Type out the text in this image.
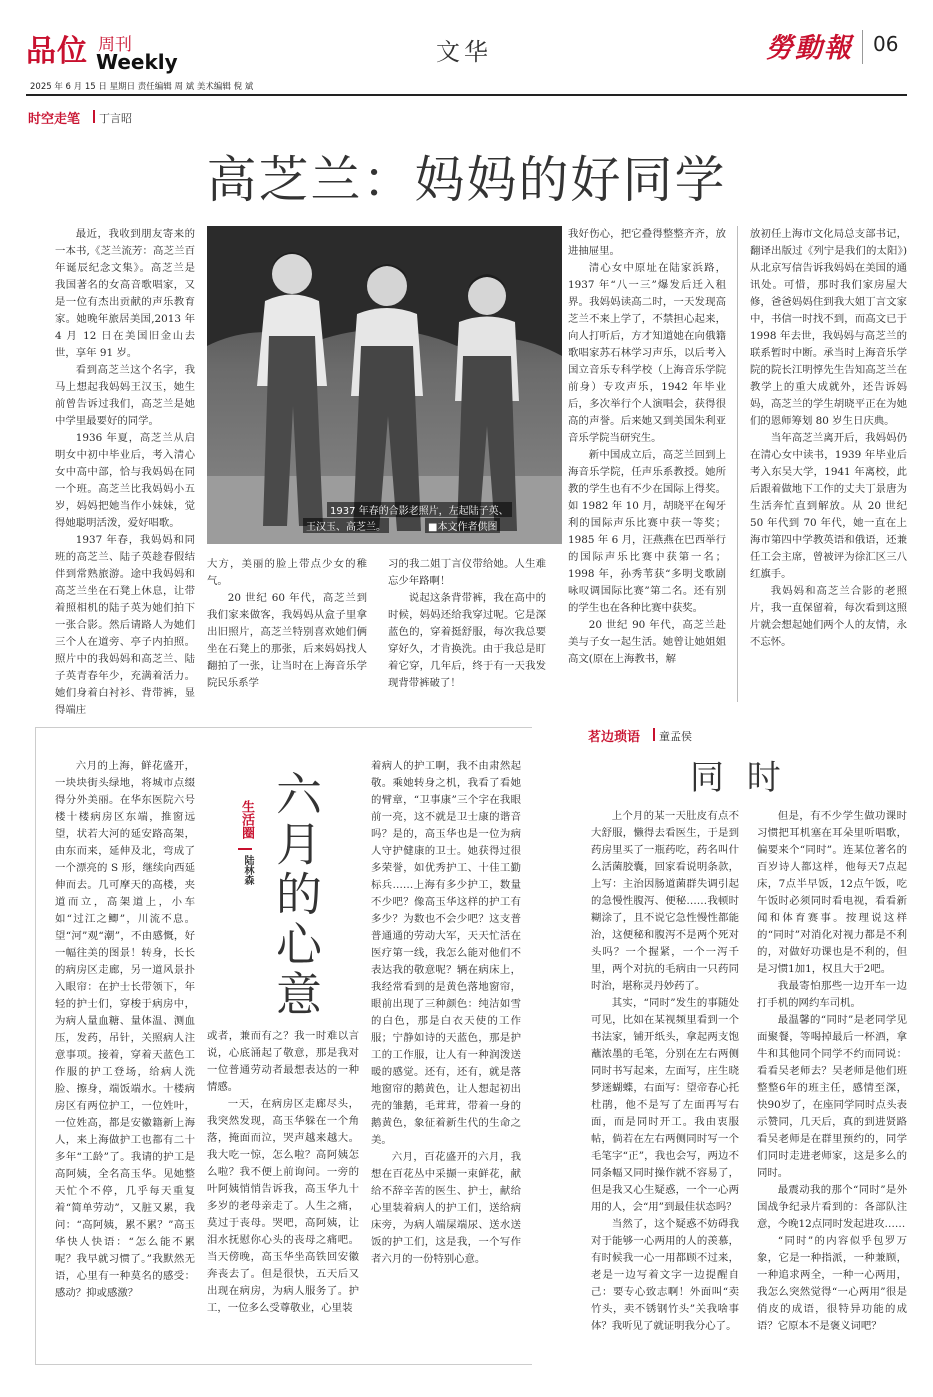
品位 周刊
Weekly	文华	勞動報 06
2025 年 6 月 15 日 星期日 责任编辑 周 斌 美术编辑 倪 斌
时空走笔 丁言昭
高芝兰：妈妈的好同学
1937 年春的合影老照片，左起陆子英、
王汉玉、高芝兰。	■本文作者供图

最近，我收到朋友寄来的一本书,《芝兰流芳：高芝兰百年诞辰纪念文集》。高芝兰是我国著名的女高音歌唱家，又是一位有杰出贡献的声乐教育家。她晚年旅居美国,2013 年 4 月 12 日在美国旧金山去世，享年 91 岁。

看到高芝兰这个名字，我马上想起我妈妈王汉玉，她生前曾告诉过我们，高芝兰是她中学里最要好的同学。

1936 年夏，高芝兰从启明女中初中毕业后，考入清心女中高中部，恰与我妈妈在同一个班。高芝兰比我妈妈小五岁，妈妈把她当作小妹妹，觉得她聪明活泼，爱好唱歌。

1937 年春，我妈妈和同班的高芝兰、陆子英趁春假结伴到常熟旅游。途中我妈妈和高芝兰坐在石凳上休息，让带着照相机的陆子英为她们拍下一张合影。然后请路人为她们三个人在道旁、亭子内拍照。照片中的我妈妈和高芝兰、陆子英青春年少，充满着活力。她们身着白衬衫、背带裤，显得端庄

大方，美丽的脸上带点少女的稚气。

20 世纪 60 年代，高芝兰到我们家来做客，我妈妈从盒子里拿出旧照片，高芝兰特别喜欢她们俩坐在石凳上的那张，后来妈妈找人翻拍了一张，让当时在上海音乐学院民乐系学

习的我二姐丁言仪带给她。人生难忘少年路啊！

说起这条背带裤，我在高中的时候，妈妈还给我穿过呢。它是深蓝色的，穿着挺舒服，每次我总要穿好久，才肯换洗。由于我总是盯着它穿，几年后，终于有一天我发现背带裤破了！

我好伤心，把它叠得整整齐齐，放进抽屉里。

清心女中原址在陆家浜路，1937 年“八一三”爆发后迁入租界。我妈妈读高二时，一天发现高芝兰不来上学了，不禁担心起来，向人打听后，方才知道她在向俄籍歌唱家苏石林学习声乐，以后考入国立音乐专科学校（上海音乐学院前身）专攻声乐，1942 年毕业后，多次举行个人演唱会，获得很高的声誉。后来她又到美国朱利亚音乐学院当研究生。

新中国成立后，高芝兰回到上海音乐学院，任声乐系教授。她所教的学生也有不少在国际上得奖。如 1982 年 10 月，胡晓平在匈牙利的国际声乐比赛中获一等奖；1985 年 6 月，汪燕燕在巴西举行的国际声乐比赛中获第一名；1998 年，孙秀苇获“多明戈歌剧咏叹调国际比赛”第二名。还有别的学生也在各种比赛中获奖。

20 世纪 90 年代，高芝兰赴美与子女一起生活。她曾让她姐姐高文(原在上海教书，解

放初任上海市文化局总支部书记，翻译出版过《列宁是我们的太阳》)从北京写信告诉我妈妈在美国的通讯处。可惜，那时我们家房屋大修，爸爸妈妈住到我大姐丁言文家中，书信一时找不到，而高文已于 1998 年去世，我妈妈与高芝兰的联系暂时中断。承当时上海音乐学院的院长江明惇先生告知高芝兰在教学上的重大成就外，还告诉妈妈，高芝兰的学生胡晓平正在为她们的恩师筹划 80 岁生日庆典。

当年高芝兰离开后，我妈妈仍在清心女中读书，1939 年毕业后考入东吴大学，1941 年离校，此后跟着做地下工作的丈夫丁景唐为生活奔忙直到解放。从 20 世纪 50 年代到 70 年代，她一直在上海市第四中学教英语和俄语，还兼任工会主席，曾被评为徐汇区三八红旗手。

我妈妈和高芝兰合影的老照片，我一直保留着，每次看到这照片就会想起她们两个人的友情，永不忘怀。

六月的上海，鲜花盛开，一块块街头绿地，将城市点缀得分外美丽。在华东医院六号楼十楼病房区东端，推窗远望，状若大河的延安路高架，由东而来，延伸及北，弯成了一个漂亮的 S 形，继续向西延伸而去。几可摩天的高楼，夹道而立，高架道上，小车如“过江之鲫”，川流不息。望“河”观“潮”，不由感慨，好一幅往美的图景！转身，长长的病房区走廊，另一道风景扑入眼帘：在护士长带领下，年轻的护士们，穿梭于病房中，为病人量血糖、量体温、测血压，发药，吊针，关照病人注意事项。接着，穿着天蓝色工作服的护工登场，给病人洗脸、擦身，端饭端水。十楼病房区有两位护工，一位姓叶，一位姓高，都是安徽籍新上海人，来上海做护工也都有二十多年“工龄”了。我请的护工是高阿姨，全名高玉华。见她整天忙个不停，几乎每天重复着“简单劳动”，又脏又累，我问：“高阿姨，累不累？”高玉华快人快语：“怎么能不累呢？我早就习惯了。”我默然无语，心里有一种莫名的感受：感动？抑或感激？

生活圈
陆林森 六月的心意

或者，兼而有之？我一时难以言说，心底涌起了敬意，那是我对一位普通劳动者最想表达的一种情感。

一天，在病房区走廊尽头，我突然发现，高玉华躲在一个角落，掩面而泣，哭声越来越大。我大吃一惊，怎么啦？高阿姨怎么啦？我不便上前询问。一旁的叶阿姨悄悄告诉我，高玉华九十多岁的老母亲走了。人生之痛，莫过于丧母。哭吧，高阿姨，让泪水抚慰你心头的丧母之痛吧。当天傍晚，高玉华坐高铁回安徽奔丧去了。但是很快，五天后又出现在病房，为病人服务了。护工，一位多么受尊敬业，心里装

着病人的护工啊，我不由肃然起敬。乘她转身之机，我看了看她的臂章，“卫事康”三个字在我眼前一亮，这不就是卫士康的谐音吗？是的，高玉华也是一位为病人守护健康的卫士。她获得过很多荣誉，如优秀护工、十佳工勤标兵……上海有多少护工，数量不少吧？像高玉华这样的护工有多少？为数也不会少吧？这支普普通通的劳动大军，天天忙活在医疗第一线，我怎么能对他们不表达我的敬意呢？辆在病床上，我经常看到的是黄色落地窗帘，眼前出现了三种颜色：纯洁如雪的白色，那是白衣天使的工作服；宁静如诗的天蓝色，那是护工的工作服，让人有一种润泼送暖的感觉。还有，还有，就是落地窗帘的鹅黄色，让人想起初出壳的雏鹅，毛茸茸，带着一身的鹅黄色，象征着新生代的生命之美。

六月，百花盛开的六月，我想在百花丛中采撷一束鲜花，献给不辞辛苦的医生、护士，献给心里装着病人的护工们，送给病床旁，为病人端屎端尿、送水送饭的护工们，这是我，一个写作者六月的一份特别心意。

茗边琐语 童孟侯
同 时

上个月的某一天肚皮有点不大舒服，懒得去看医生，于是到药房里买了一瓶药吃，药名叫什么活菌胶囊，回家看说明条款，上写：主治因肠道菌群失调引起的急慢性腹泻、便秘……我顿时糊涂了，且不说它急性慢性都能治，这便秘和腹泻不是两个死对头吗？一个握紧，一个一泻千里，两个对抗的毛病由一只药同时治，堪称灵丹妙药了。

其实，“同时”发生的事随处可见，比如在某视频里看到一个书法家，铺开纸头，拿起两支饱蘸浓墨的毛笔，分别在左右两侧同时书写起来，左面写，庄生晓梦迷蝴蝶，右面写：望帝春心托杜鹃，他不是写了左面再写右面，而是同时开工。我由衷服帖，倘若在左右两侧同时写一个毛笔字“正”，我也会写，两边不同条幅又同时操作就不容易了，但是我又心生疑惑，一个一心两用的人，会“用”到最佳状态吗？

当然了，这个疑惑不妨碍我对于能够一心两用的人的羡慕，有时候我一心一用都顾不过来，老是一边写着文字一边提醒自己：要专心致志啊！外面叫“卖竹头，卖不锈钢竹头”关我啥事体？我听见了就证明我分心了。

但是，有不少学生做功课时习惯把耳机塞在耳朵里听唱歌，偏要来个“同时”。连某位著名的百岁诗人都这样，他每天7点起床，7点半早饭，12点午饭，吃午饭时必须同时看电视，看看新闻和体育赛事。按理说这样的“同时”对消化对视力都是不利的，对做好功课也是不利的，但是习惯1加1，权且大于2吧。

我最寄怕那些一边开车一边打手机的网约车司机。

最温馨的“同时”是老同学见面聚餐，等喝掉最后一杯酒，拿牛和其他同个同学不约而同说：看看吴老师去？吴老师是他们班整整6年的班主任，感情至深，快90岁了，在座同学同时点头表示赞同，几天后，真的到进贤路看吴老师是在群里预约的，同学们同时走进老师家，这是多么的同时。

最震动我的那个“同时”是外国战争纪录片看到的：各部队注意，今晚12点同时发起进攻……

“同时”的内容似乎包罗万象，它是一种指派，一种兼顾，一种追求两全，一种一心两用，我怎么突然觉得“一心两用”很是俏皮的成语，很特异功能的成语？它原本不是褒义词吧？
